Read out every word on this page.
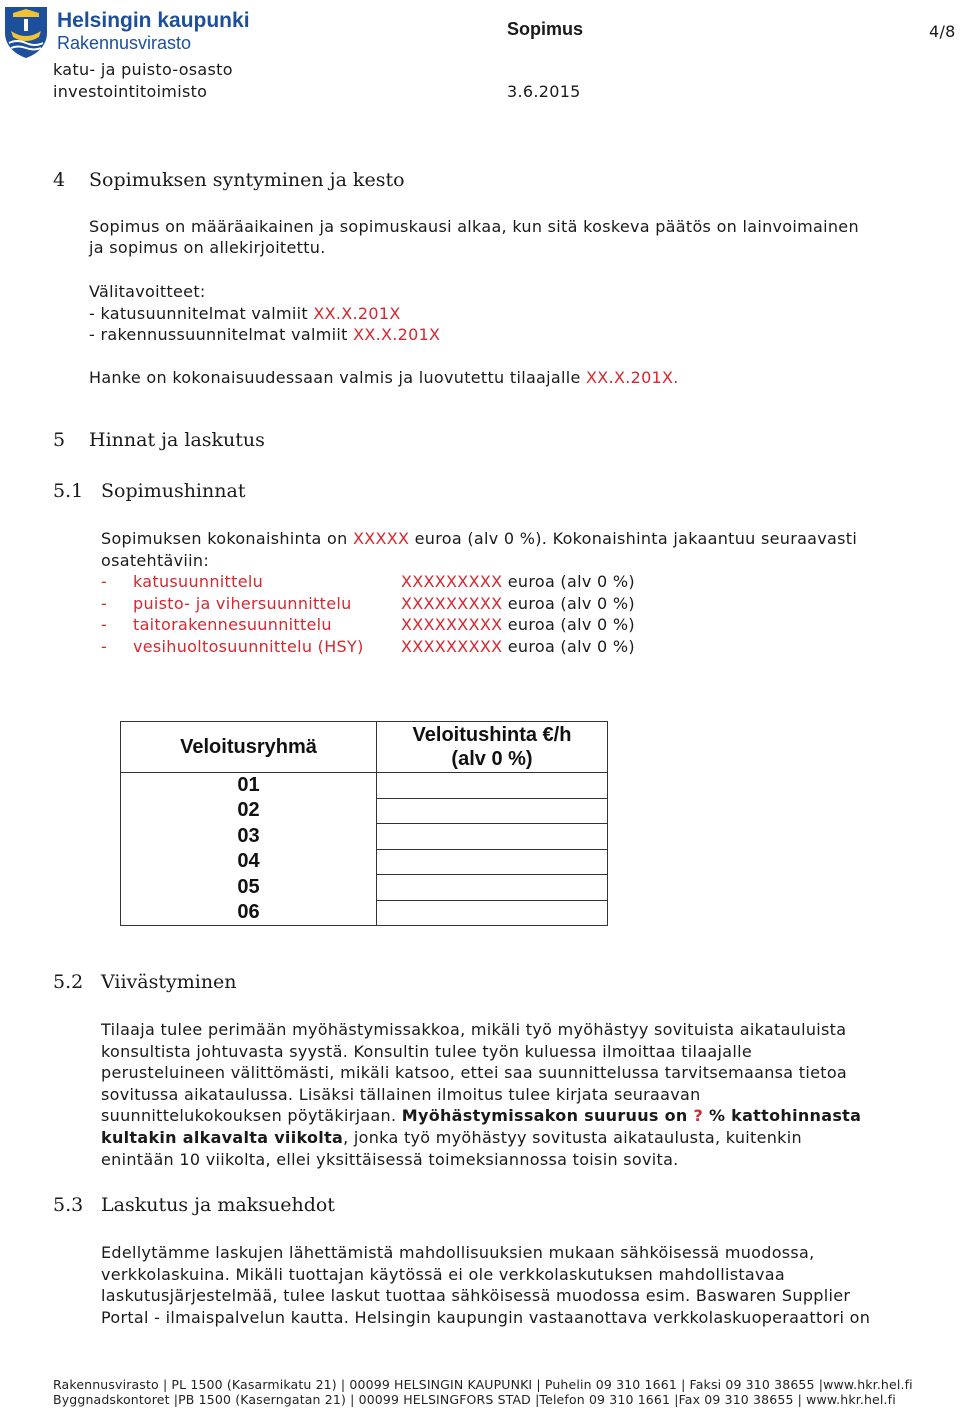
Helsingin kaupunki
Rakennusvirasto
katu- ja puisto-osasto
investointitoimisto
Sopimus	4/8
3.6.2015
4 Sopimuksen syntyminen ja kesto
Sopimus on määräaikainen ja sopimuskausi alkaa, kun sitä koskeva päätös on lainvoimainen
ja sopimus on allekirjoitettu.
Välitavoitteet:
- katusuunnitelmat valmiit XX.X.201X
- rakennussuunnitelmat valmiit XX.X.201X
Hanke on kokonaisuudessaan valmis ja luovutettu tilaajalle XX.X.201X.
5 Hinnat ja laskutus
5.1 Sopimushinnat
Sopimuksen kokonaishinta on XXXXX euroa (alv 0 %). Kokonaishinta jakaantuu seuraavasti
osatehtäviin:
- katusuunnittelu	XXXXXXXXX euroa (alv 0 %)
- puisto- ja vihersuunnittelu	XXXXXXXXX euroa (alv 0 %)
- taitorakennesuunnittelu	XXXXXXXXX euroa (alv 0 %)
- vesihuoltosuunnittelu (HSY) XXXXXXXXX euroa (alv 0 %)
Veloitusryhmä	Veloitushinta €/h
(alv 0 %)

01	
02	
03	
04	
05	
06	
5.2 Viivästyminen
Tilaaja tulee perimään myöhästymissakkoa, mikäli työ myöhästyy sovituista aikatauluista
konsultista johtuvasta syystä. Konsultin tulee työn kuluessa ilmoittaa tilaajalle
perusteluineen välittömästi, mikäli katsoo, ettei saa suunnittelussa tarvitsemaansa tietoa
sovitussa aikataulussa. Lisäksi tällainen ilmoitus tulee kirjata seuraavan
suunnittelukokouksen pöytäkirjaan. Myöhästymissakon suuruus on ? % kattohinnasta
kultakin alkavalta viikolta, jonka työ myöhästyy sovitusta aikataulusta, kuitenkin
enintään 10 viikolta, ellei yksittäisessä toimeksiannossa toisin sovita.
5.3 Laskutus ja maksuehdot
Edellytämme laskujen lähettämistä mahdollisuuksien mukaan sähköisessä muodossa,
verkkolaskuina. Mikäli tuottajan käytössä ei ole verkkolaskutuksen mahdollistavaa
laskutusjärjestelmää, tulee laskut tuottaa sähköisessä muodossa esim. Baswaren Supplier
Portal - ilmaispalvelun kautta. Helsingin kaupungin vastaanottava verkkolaskuoperaattori on
Rakennusvirasto | PL 1500 (Kasarmikatu 21) | 00099 HELSINGIN KAUPUNKI | Puhelin 09 310 1661 | Faksi 09 310 38655 |www.hkr.hel.fi
Byggnadskontoret |PB 1500 (Kaserngatan 21) | 00099 HELSINGFORS STAD |Telefon 09 310 1661 |Fax 09 310 38655 | www.hkr.hel.fi
